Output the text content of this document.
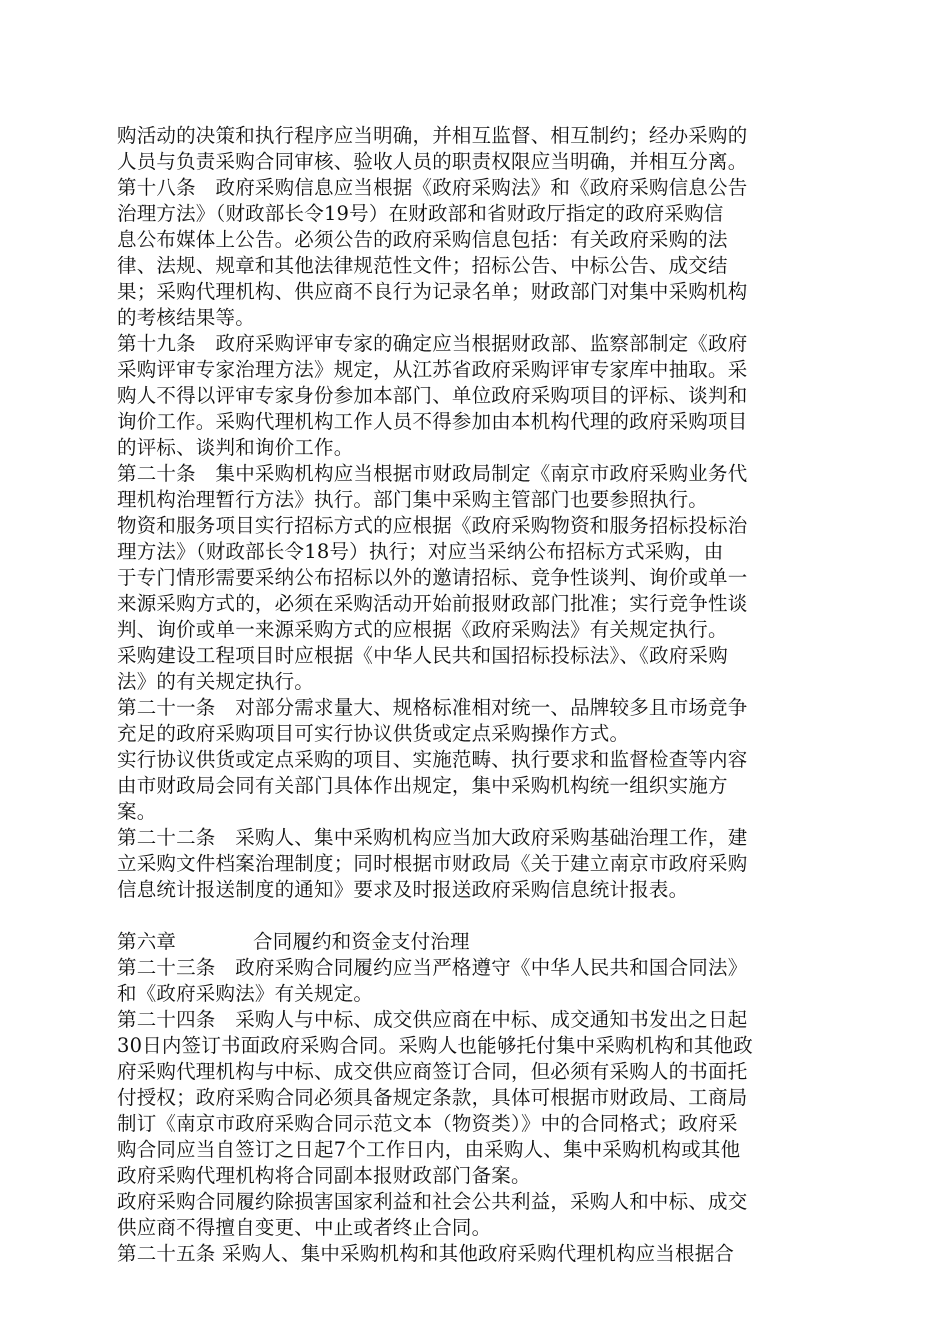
购活动的决策和执行程序应当明确，并相互监督、相互制约；经办采购的
人员与负责采购合同审核、验收人员的职责权限应当明确，并相互分离。
第十八条　政府采购信息应当根据《政府采购法》和《政府采购信息公告
治理方法》（财政部长令19号）在财政部和省财政厅指定的政府采购信
息公布媒体上公告。必须公告的政府采购信息包括：有关政府采购的法
律、法规、规章和其他法律规范性文件；招标公告、中标公告、成交结
果；采购代理机构、供应商不良行为记录名单；财政部门对集中采购机构
的考核结果等。
第十九条　政府采购评审专家的确定应当根据财政部、监察部制定《政府
采购评审专家治理方法》规定，从江苏省政府采购评审专家库中抽取。采
购人不得以评审专家身份参加本部门、单位政府采购项目的评标、谈判和
询价工作。采购代理机构工作人员不得参加由本机构代理的政府采购项目
的评标、谈判和询价工作。
第二十条　集中采购机构应当根据市财政局制定《南京市政府采购业务代
理机构治理暂行方法》执行。部门集中采购主管部门也要参照执行。
物资和服务项目实行招标方式的应根据《政府采购物资和服务招标投标治
理方法》（财政部长令18号）执行；对应当采纳公布招标方式采购，由
于专门情形需要采纳公布招标以外的邀请招标、竞争性谈判、询价或单一
来源采购方式的，必须在采购活动开始前报财政部门批准；实行竞争性谈
判、询价或单一来源采购方式的应根据《政府采购法》有关规定执行。
采购建设工程项目时应根据《中华人民共和国招标投标法》、《政府采购
法》的有关规定执行。
第二十一条　对部分需求量大、规格标准相对统一、品牌较多且市场竞争
充足的政府采购项目可实行协议供货或定点采购操作方式。
实行协议供货或定点采购的项目、实施范畴、执行要求和监督检查等内容
由市财政局会同有关部门具体作出规定，集中采购机构统一组织实施方
案。
第二十二条　采购人、集中采购机构应当加大政府采购基础治理工作，建
立采购文件档案治理制度；同时根据市财政局《关于建立南京市政府采购
信息统计报送制度的通知》要求及时报送政府采购信息统计报表。
第六章	合同履约和资金支付治理
第二十三条　政府采购合同履约应当严格遵守《中华人民共和国合同法》
和《政府采购法》有关规定。
第二十四条　采购人与中标、成交供应商在中标、成交通知书发出之日起
30日内签订书面政府采购合同。采购人也能够托付集中采购机构和其他政
府采购代理机构与中标、成交供应商签订合同，但必须有采购人的书面托
付授权；政府采购合同必须具备规定条款，具体可根据市财政局、工商局
制订《南京市政府采购合同示范文本（物资类）》中的合同格式；政府采
购合同应当自签订之日起7个工作日内，由采购人、集中采购机构或其他
政府采购代理机构将合同副本报财政部门备案。
政府采购合同履约除损害国家利益和社会公共利益，采购人和中标、成交
供应商不得擅自变更、中止或者终止合同。
第二十五条 采购人、集中采购机构和其他政府采购代理机构应当根据合
